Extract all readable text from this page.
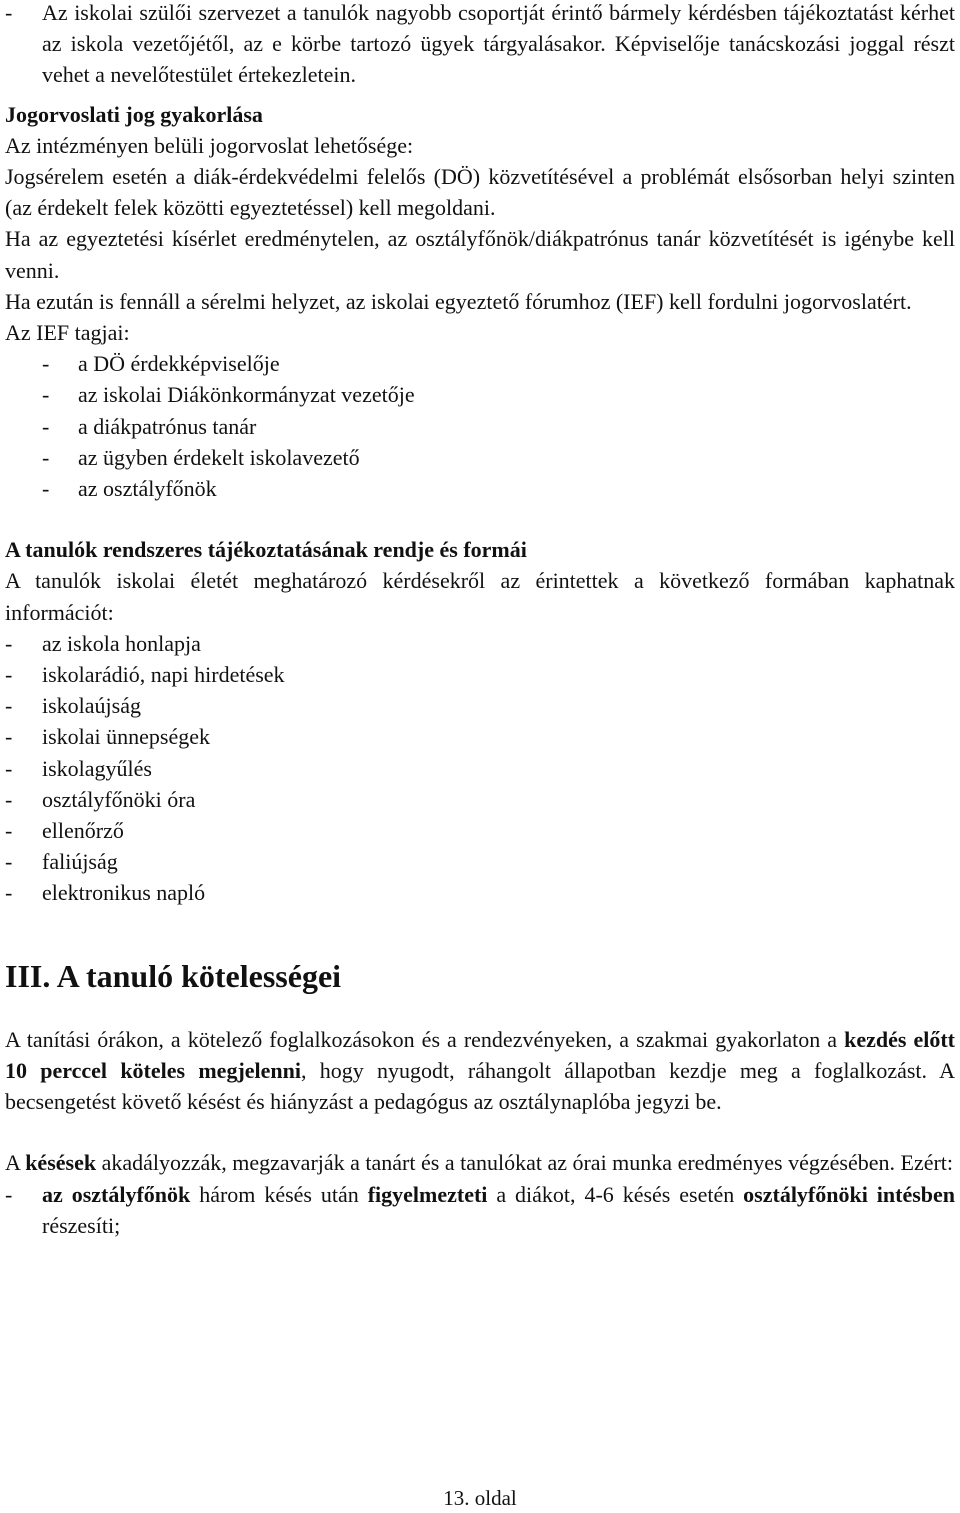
-	Az iskolai szülői szervezet a tanulók nagyobb csoportját érintő bármely kérdésben tájékoztatást kérhet az iskola vezetőjétől, az e körbe tartozó ügyek tárgyalásakor. Képviselője tanácskozási joggal részt vehet a nevelőtestület értekezletein.

Jogorvoslati jog gyakorlása

Az intézményen belüli jogorvoslat lehetősége:

Jogsérelem esetén a diák-érdekvédelmi felelős (DÖ) közvetítésével a problémát elsősorban helyi szinten (az érdekelt felek közötti egyeztetéssel) kell megoldani.

Ha az egyeztetési kísérlet eredménytelen, az osztályfőnök/diákpatrónus tanár közvetítését is igénybe kell venni.

Ha ezután is fennáll a sérelmi helyzet, az iskolai egyeztető fórumhoz (IEF) kell fordulni jogorvoslatért.

Az IEF tagjai:

-	a DÖ érdekképviselője
-	az iskolai Diákönkormányzat vezetője
-	a diákpatrónus tanár
-	az ügyben érdekelt iskolavezető
-	az osztályfőnök

A tanulók rendszeres tájékoztatásának rendje és formái

A tanulók iskolai életét meghatározó kérdésekről az érintettek a következő formában kaphatnak információt:

-	az iskola honlapja
-	iskolarádió, napi hirdetések
-	iskolaújság
-	iskolai ünnepségek
-	iskolagyűlés
-	osztályfőnöki óra
-	ellenőrző
-	faliújság
-	elektronikus napló

III. A tanuló kötelességei

A tanítási órákon, a kötelező foglalkozásokon és a rendezvényeken, a szakmai gyakorlaton a kezdés előtt 10 perccel köteles megjelenni, hogy nyugodt, ráhangolt állapotban kezdje meg a foglalkozást. A becsengetést követő késést és hiányzást a pedagógus az osztálynaplóba jegyzi be.

A késések akadályozzák, megzavarják a tanárt és a tanulókat az órai munka eredményes végzésében. Ezért:

-	az osztályfőnök három késés után figyelmezteti a diákot, 4-6 késés esetén osztályfőnöki intésben részesíti;
13. oldal
